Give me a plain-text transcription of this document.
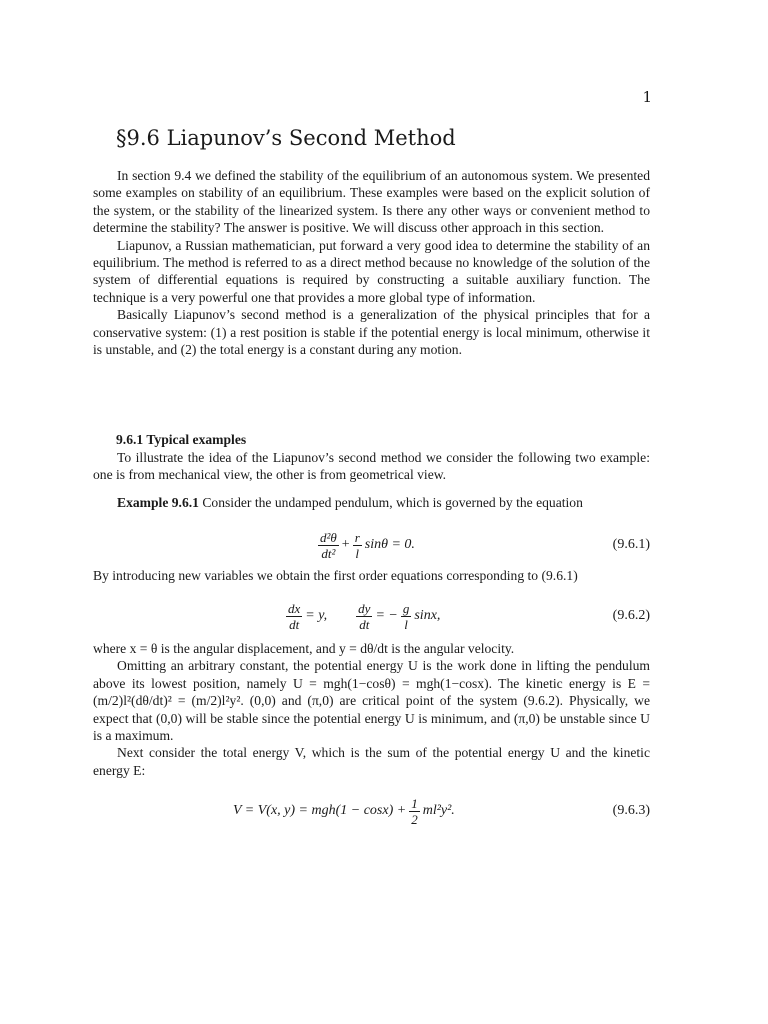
1
§9.6 Liapunov’s Second Method

In section 9.4 we defined the stability of the equilibrium of an autonomous system. We presented some examples on stability of an equilibrium. These examples were based on the explicit solution of the system, or the stability of the linearized system. Is there any other ways or convenient method to determine the stability? The answer is positive. We will discuss other approach in this section.

Liapunov, a Russian mathematician, put forward a very good idea to determine the stability of an equilibrium. The method is referred to as a direct method because no knowledge of the solution of the system of differential equations is required by constructing a suitable auxiliary function. The technique is a very powerful one that provides a more global type of information.

Basically Liapunov’s second method is a generalization of the physical principles that for a conservative system: (1) a rest position is stable if the potential energy is local minimum, otherwise it is unstable, and (2) the total energy is a constant during any motion.

9.6.1 Typical examples

To illustrate the idea of the Liapunov’s second method we consider the following two example: one is from mechanical view, the other is from geometrical view.

Example 9.6.1 Consider the undamped pendulum, which is governed by the equation

$\frac{\text{d²θ}}{\text{dt²}} + \frac{r}{l}$ sinθ = 0.	(9.6.1)

By introducing new variables we obtain the first order equations corresponding to (9.6.1)

$\frac{dx}{dt} = y$, $\frac{dy}{dt}$ = − $\frac{g}{l} \sin x$,	(9.6.2)

where x = θ is the angular displacement, and y = dθ/dt is the angular velocity.

Omitting an arbitrary constant, the potential energy U is the work done in lifting the pendulum above its lowest position, namely U = mgh(1−cosθ) = mgh(1−cosx). The kinetic energy is E = (m/2)l²(dθ/dt)² = (m/2)l²y². (0,0) and (π,0) are critical point of the system (9.6.2). Physically, we expect that (0,0) will be stable since the potential energy U is minimum, and (π,0) be unstable since U is a maximum.

Next consider the total energy V, which is the sum of the potential energy U and the kinetic energy E:

V = V(x, $y) = mgh(1 - \cos x) + \frac{1}{2} ml^2y^2$.	(9.6.3)
